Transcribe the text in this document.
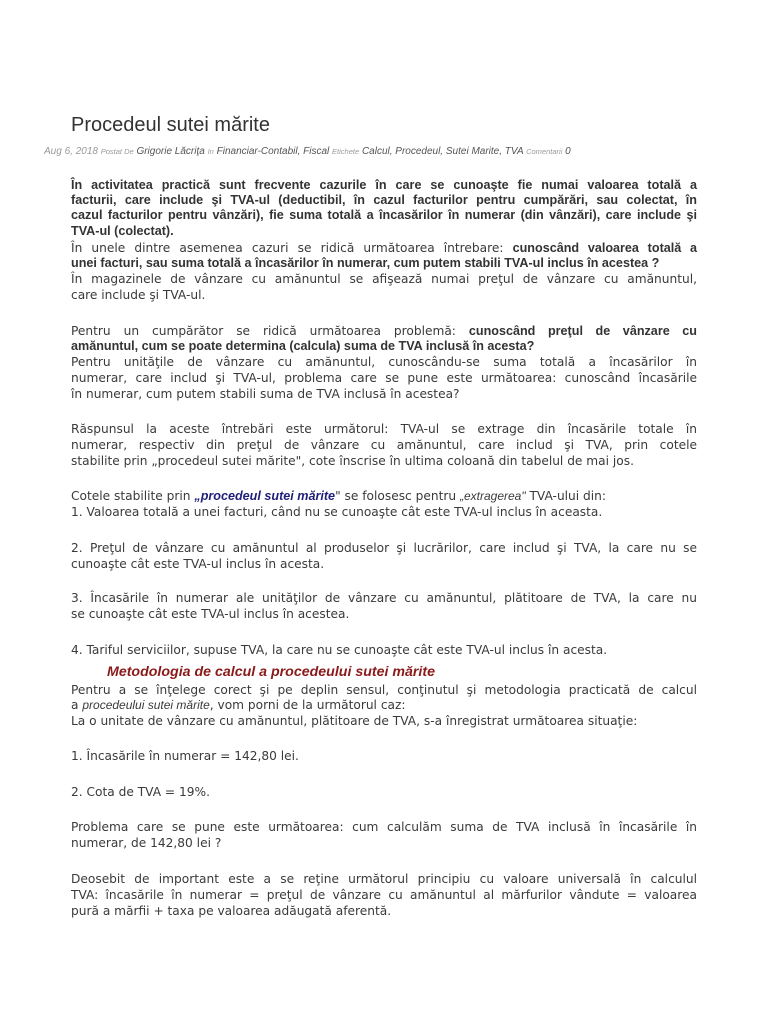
Procedeul sutei mărite
Aug 6, 2018 Postat De Grigorie Lăcriţa In Financiar-Contabil, Fiscal Etichete Calcul, Procedeul, Sutei Marite, TVA Comentarii 0
În activitatea practică sunt frecvente cazurile în care se cunoaşte fie numai valoarea totală a
facturii, care include şi TVA-ul (deductibil, în cazul facturilor pentru cumpărări, sau colectat, în
cazul facturilor pentru vânzări), fie suma totală a încasărilor în numerar (din vânzări), care include şi
TVA-ul (colectat).
În unele dintre asemenea cazuri se ridică următoarea întrebare: cunoscând valoarea totală a
unei facturi, sau suma totală a încasărilor în numerar, cum putem stabili TVA-ul inclus în acestea ?
În magazinele de vânzare cu amănuntul se afişează numai preţul de vânzare cu amănuntul,
care include şi TVA-ul.
Pentru un cumpărător se ridică următoarea problemă: cunoscând preţul de vânzare cu
amănuntul, cum se poate determina (calcula) suma de TVA inclusă în acesta?
Pentru unităţile de vânzare cu amănuntul, cunoscându-se suma totală a încasărilor în
numerar, care includ şi TVA-ul, problema care se pune este următoarea: cunoscând încasările
în numerar, cum putem stabili suma de TVA inclusă în acestea?
Răspunsul la aceste întrebări este următorul: TVA-ul se extrage din încasările totale în
numerar, respectiv din preţul de vânzare cu amănuntul, care includ şi TVA, prin cotele
stabilite prin „procedeul sutei mărite", cote înscrise în ultima coloană din tabelul de mai jos.
Cotele stabilite prin „procedeul sutei mărite" se folosesc pentru „extragerea" TVA-ului din:
1. Valoarea totală a unei facturi, când nu se cunoaşte cât este TVA-ul inclus în aceasta.
2. Preţul de vânzare cu amănuntul al produselor şi lucrărilor, care includ şi TVA, la care nu se
cunoaşte cât este TVA-ul inclus în acesta.
3. Încasările în numerar ale unităţilor de vânzare cu amănuntul, plătitoare de TVA, la care nu
se cunoaşte cât este TVA-ul inclus în acestea.
4. Tariful serviciilor, supuse TVA, la care nu se cunoaşte cât este TVA-ul inclus în acesta.
Pentru a se înţelege corect şi pe deplin sensul, conţinutul şi metodologia practicată de calcul
a procedeului sutei mărite, vom porni de la următorul caz:
La o unitate de vânzare cu amănuntul, plătitoare de TVA, s-a înregistrat următoarea situaţie:
1. Încasările în numerar = 142,80 lei.
2. Cota de TVA = 19%.
Problema care se pune este următoarea: cum calculăm suma de TVA inclusă în încasările în
numerar, de 142,80 lei ?
Deosebit de important este a se reţine următorul principiu cu valoare universală în calculul
TVA: încasările în numerar = preţul de vânzare cu amănuntul al mărfurilor vândute = valoarea
pură a mărfii + taxa pe valoarea adăugată aferentă.
Metodologia de calcul a procedeului sutei mărite
